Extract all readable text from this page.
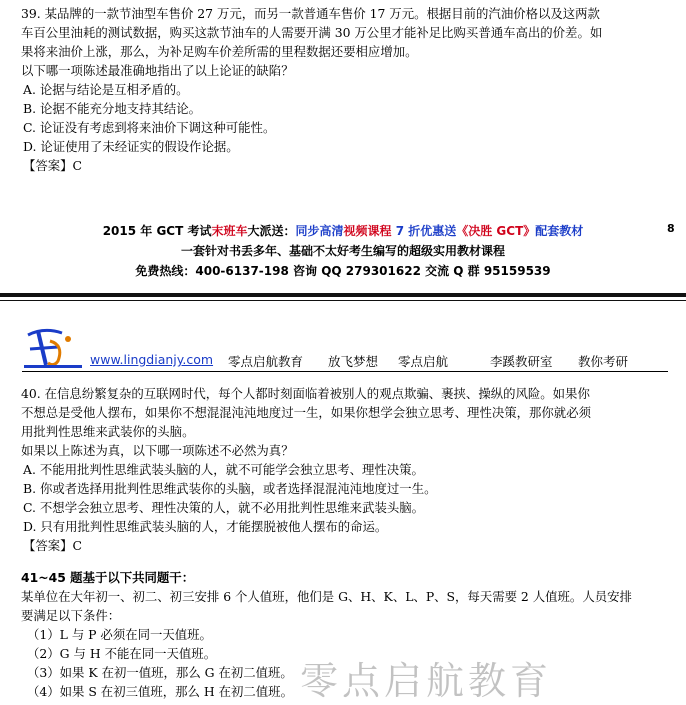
39. 某品牌的一款节油型车售价 27 万元，而另一款普通车售价 17 万元。根据目前的汽油价格以及这两款

车百公里油耗的测试数据，购买这款节油车的人需要开满 30 万公里才能补足比购买普通车高出的价差。如

果将来油价上涨，那么，为补足购车价差所需的里程数据还要相应增加。

以下哪一项陈述最准确地指出了以上论证的缺陷？

A. 论据与结论是互相矛盾的。

B. 论据不能充分地支持其结论。

C. 论证没有考虑到将来油价下调这种可能性。

D. 论证使用了未经证实的假设作论据。

【答案】C

2015 年 GCT 考试末班车大派送：同步高清视频课程 7 折优惠送《决胜 GCT》配套教材
一套针对书丢多年、基础不太好考生编写的超级实用教材课程
免费热线：400-6137-198 咨询 QQ 279301622 交流 Q 群 95159539
8
www.lingdianjy.com 零点启航教育 放飞梦想 零点启航	李蹊教研室 教你考研

40. 在信息纷繁复杂的互联网时代，每个人都时刻面临着被别人的观点欺骗、裹挟、操纵的风险。如果你

不想总是受他人摆布，如果你不想混混沌沌地度过一生，如果你想学会独立思考、理性决策，那你就必须

用批判性思维来武装你的头脑。

如果以上陈述为真，以下哪一项陈述不必然为真？

A. 不能用批判性思维武装头脑的人，就不可能学会独立思考、理性决策。

B. 你或者选择用批判性思维武装你的头脑，或者选择混混沌沌地度过一生。

C. 不想学会独立思考、理性决策的人，就不必用批判性思维来武装头脑。

D. 只有用批判性思维武装头脑的人，才能摆脱被他人摆布的命运。

【答案】C

41~45 题基于以下共同题干：

某单位在大年初一、初二、初三安排 6 个人值班，他们是 G、H、K、L、P、S，每天需要 2 人值班。人员安排

要满足以下条件：

（1）L 与 P 必须在同一天值班。

（2）G 与 H 不能在同一天值班。

（3）如果 K 在初一值班，那么 G 在初二值班。

（4）如果 S 在初三值班，那么 H 在初二值班。 零点启航教育
